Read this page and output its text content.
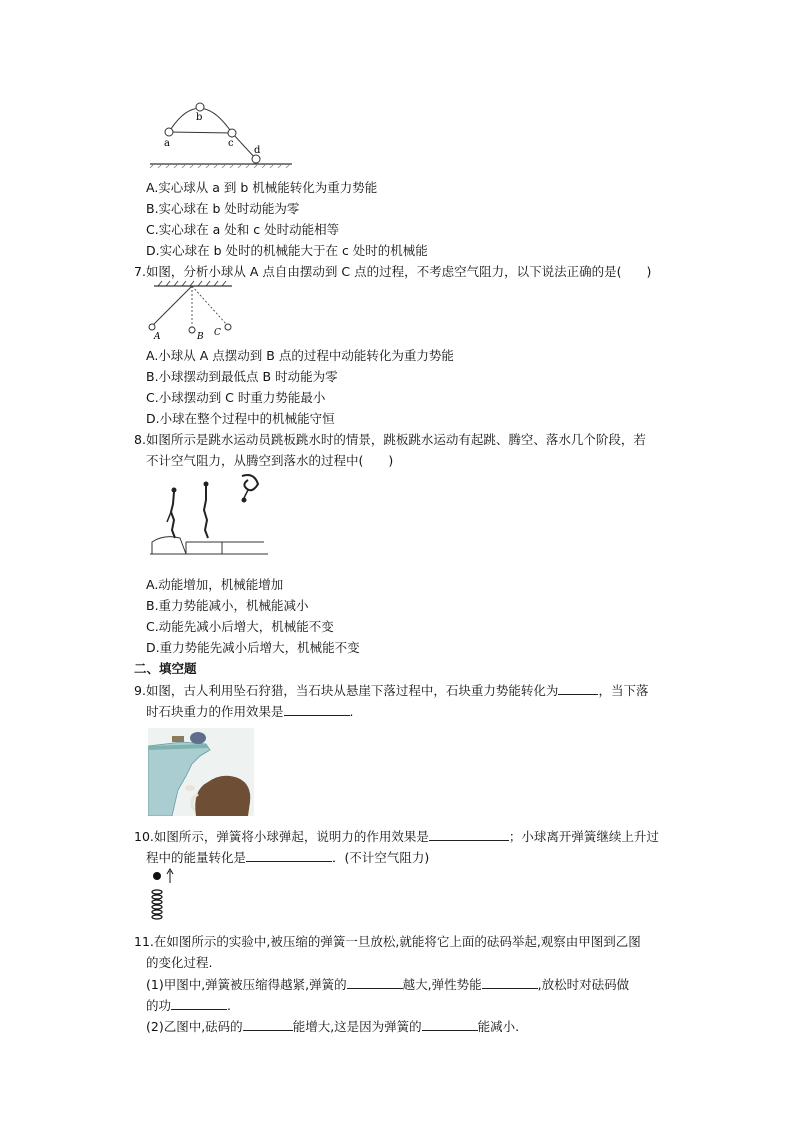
a
b
c
d
A.实心球从 a 到 b 机械能转化为重力势能
B.实心球在 b 处时动能为零
C.实心球在 a 处和 c 处时动能相等
D.实心球在 b 处时的机械能大于在 c 处时的机械能
7.如图，分析小球从 A 点自由摆动到 C 点的过程，不考虑空气阻力，以下说法正确的是(　　)
A	B C
A.小球从 A 点摆动到 B 点的过程中动能转化为重力势能
B.小球摆动到最低点 B 时动能为零
C.小球摆动到 C 时重力势能最小
D.小球在整个过程中的机械能守恒
8.如图所示是跳水运动员跳板跳水时的情景，跳板跳水运动有起跳、腾空、落水几个阶段，若
不计空气阻力，从腾空到落水的过程中(　　)
A.动能增加，机械能增加
B.重力势能减小，机械能减小
C.动能先减小后增大，机械能不变
D.重力势能先减小后增大，机械能不变
二、填空题
9.如图，古人利用坠石狩猎，当石块从悬崖下落过程中，石块重力势能转化为	，当下落
时石块重力的作用效果是	.
10.如图所示，弹簧将小球弹起，说明力的作用效果是	；小球离开弹簧继续上升过
程中的能量转化是	．(不计空气阻力)
11.在如图所示的实验中,被压缩的弹簧一旦放松,就能将它上面的砝码举起,观察由甲图到乙图
的变化过程.
(1)甲图中,弹簧被压缩得越紧,弹簧的	越大,弹性势能	,放松时对砝码做
的功	.
(2)乙图中,砝码的	能增大,这是因为弹簧的	能减小.
